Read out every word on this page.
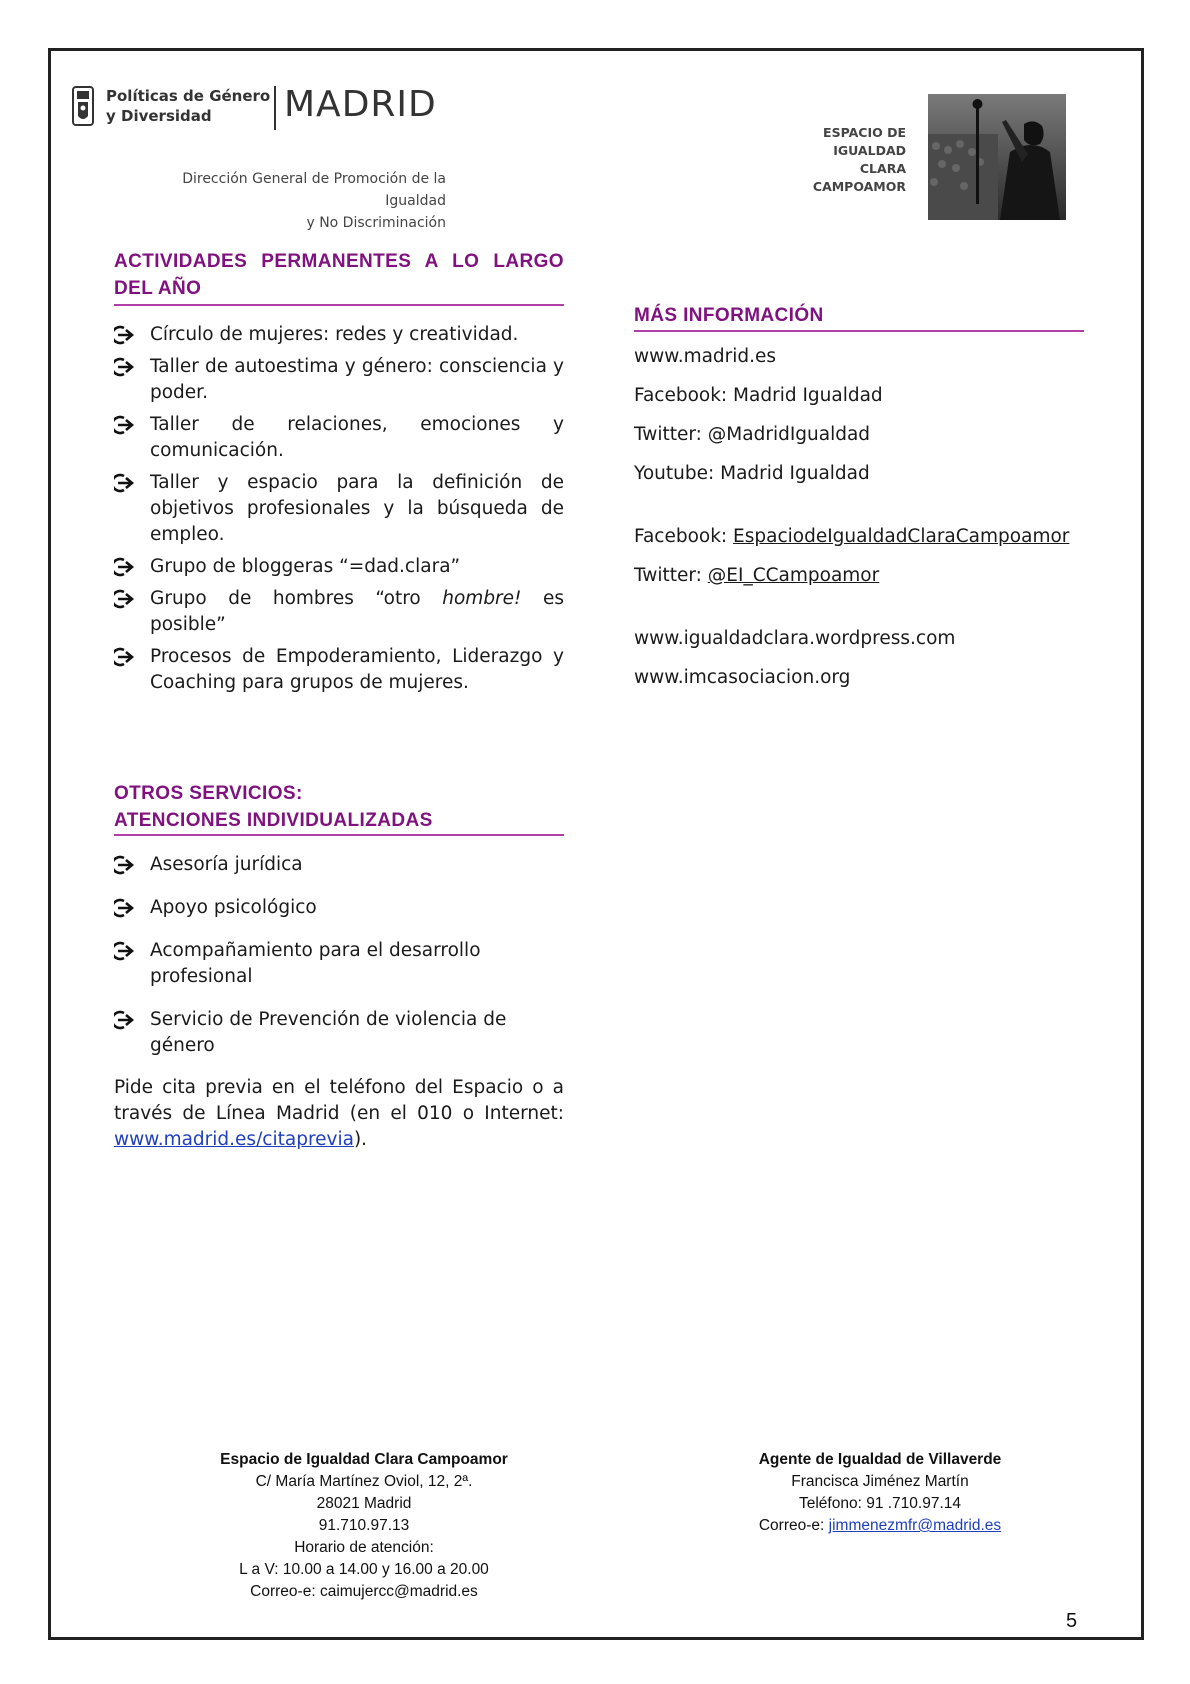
Políticas de Género
y Diversidad	MADRID
Dirección General de Promoción de la Igualdad
y No Discriminación
ESPACIO DE
IGUALDAD
CLARA
CAMPOAMOR
ACTIVIDADES PERMANENTES A LO LARGO
DEL AÑO
Círculo de mujeres: redes y creatividad.
Taller de autoestima y género: consciencia y poder.
Taller de relaciones, emociones y comunicación.
Taller y espacio para la definición de objetivos profesionales y la búsqueda de empleo.
Grupo de bloggeras “=dad.clara”
Grupo de hombres “otro hombre! es posible”
Procesos de Empoderamiento, Liderazgo y Coaching para grupos de mujeres.
MÁS INFORMACIÓN
www.madrid.es
Facebook: Madrid Igualdad
Twitter: @MadridIgualdad
Youtube: Madrid Igualdad
Facebook: EspaciodeIgualdadClaraCampoamor
Twitter: @EI_CCampoamor
www.igualdadclara.wordpress.com
www.imcasociacion.org
OTROS SERVICIOS:
ATENCIONES INDIVIDUALIZADAS
Asesoría jurídica
Apoyo psicológico
Acompañamiento para el desarrollo profesional
Servicio de Prevención de violencia de género
Pide cita previa en el teléfono del Espacio o a través de Línea Madrid (en el 010 o Internet: www.madrid.es/citaprevia).
Espacio de Igualdad Clara Campoamor
C/ María Martínez Oviol, 12, 2ª.
28021 Madrid
91.710.97.13
Horario de atención:
L a V: 10.00 a 14.00 y 16.00 a 20.00
Correo-e: caimujercc@madrid.es
Agente de Igualdad de Villaverde
Francisca Jiménez Martín
Teléfono: 91 .710.97.14
Correo-e: jimmenezmfr@madrid.es
5
